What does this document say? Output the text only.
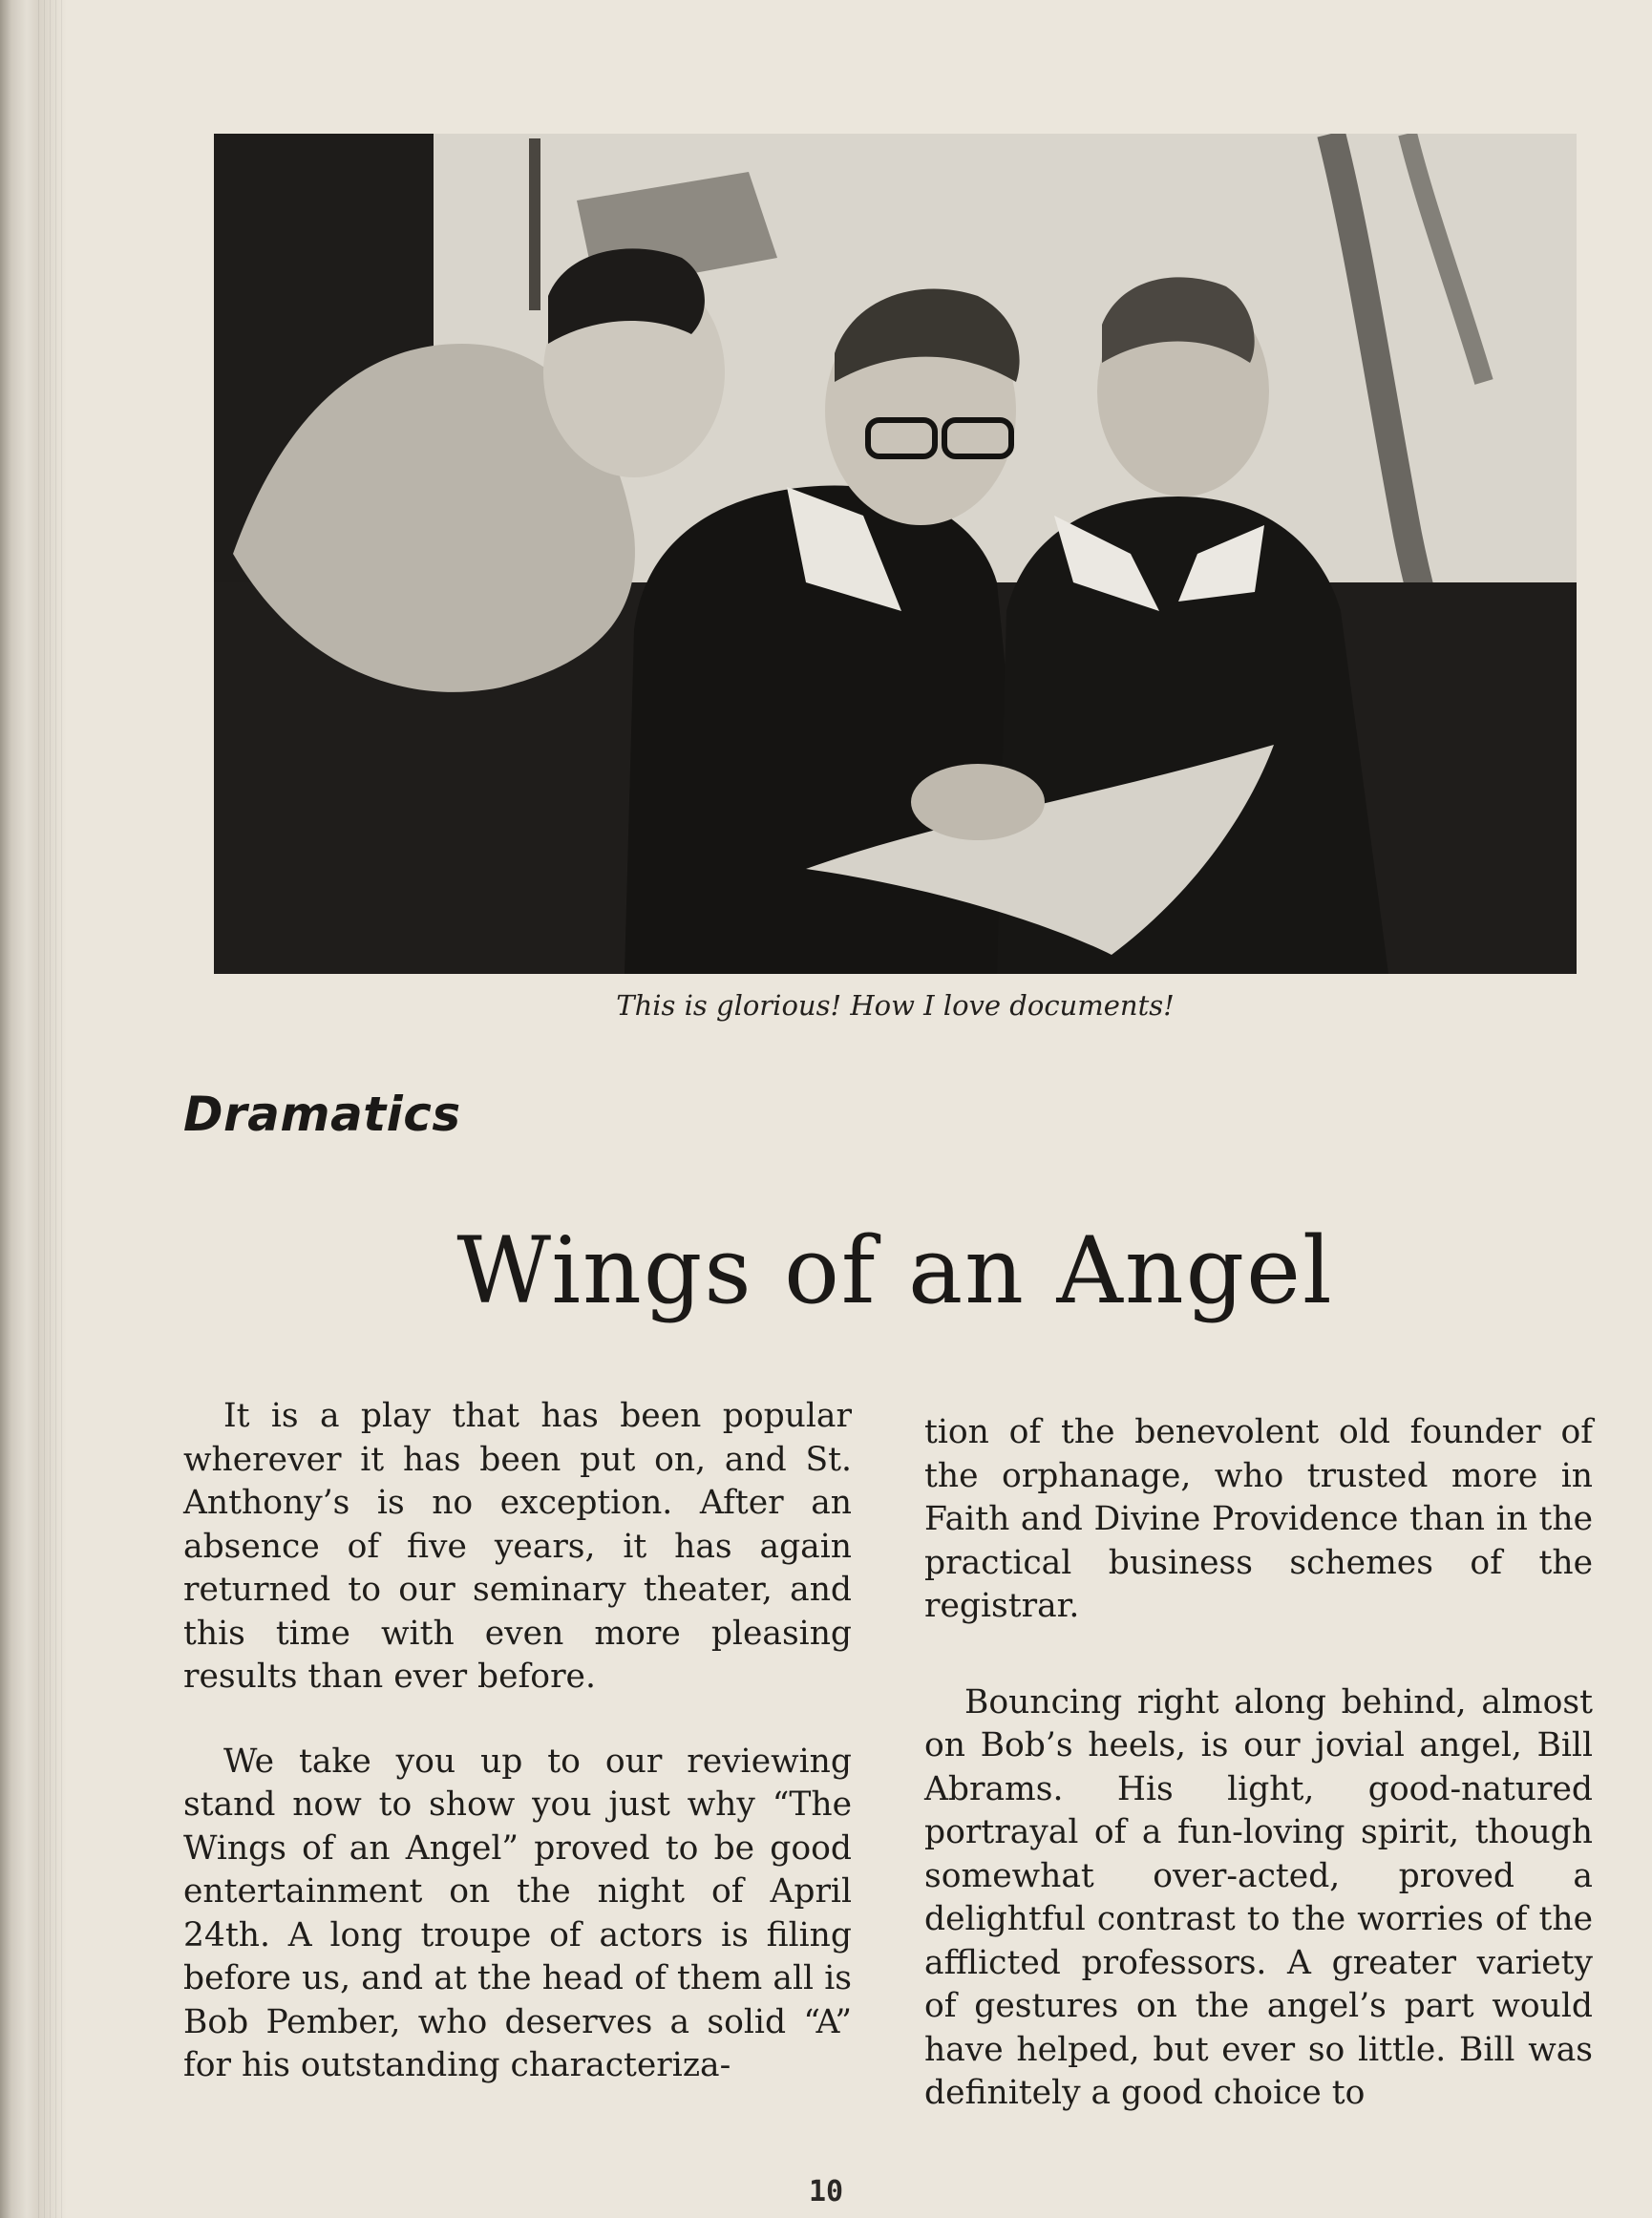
This is glorious! How I love documents!
Dramatics
Wings of an Angel

It is a play that has been popular wherever it has been put on, and St. Anthony’s is no exception. After an absence of five years, it has again returned to our seminary theater, and this time with even more pleasing results than ever before.

We take you up to our reviewing stand now to show you just why “The Wings of an Angel” proved to be good entertainment on the night of April 24th. A long troupe of actors is filing before us, and at the head of them all is Bob Pember, who deserves a solid “A” for his outstanding characteriza-

tion of the benevolent old founder of the orphanage, who trusted more in Faith and Divine Providence than in the practical business schemes of the registrar.

Bouncing right along behind, almost on Bob’s heels, is our jovial angel, Bill Abrams. His light, good-natured portrayal of a fun-loving spirit, though somewhat over-acted, proved a delightful contrast to the worries of the afflicted professors. A greater variety of gestures on the angel’s part would have helped, but ever so little. Bill was definitely a good choice to

10
